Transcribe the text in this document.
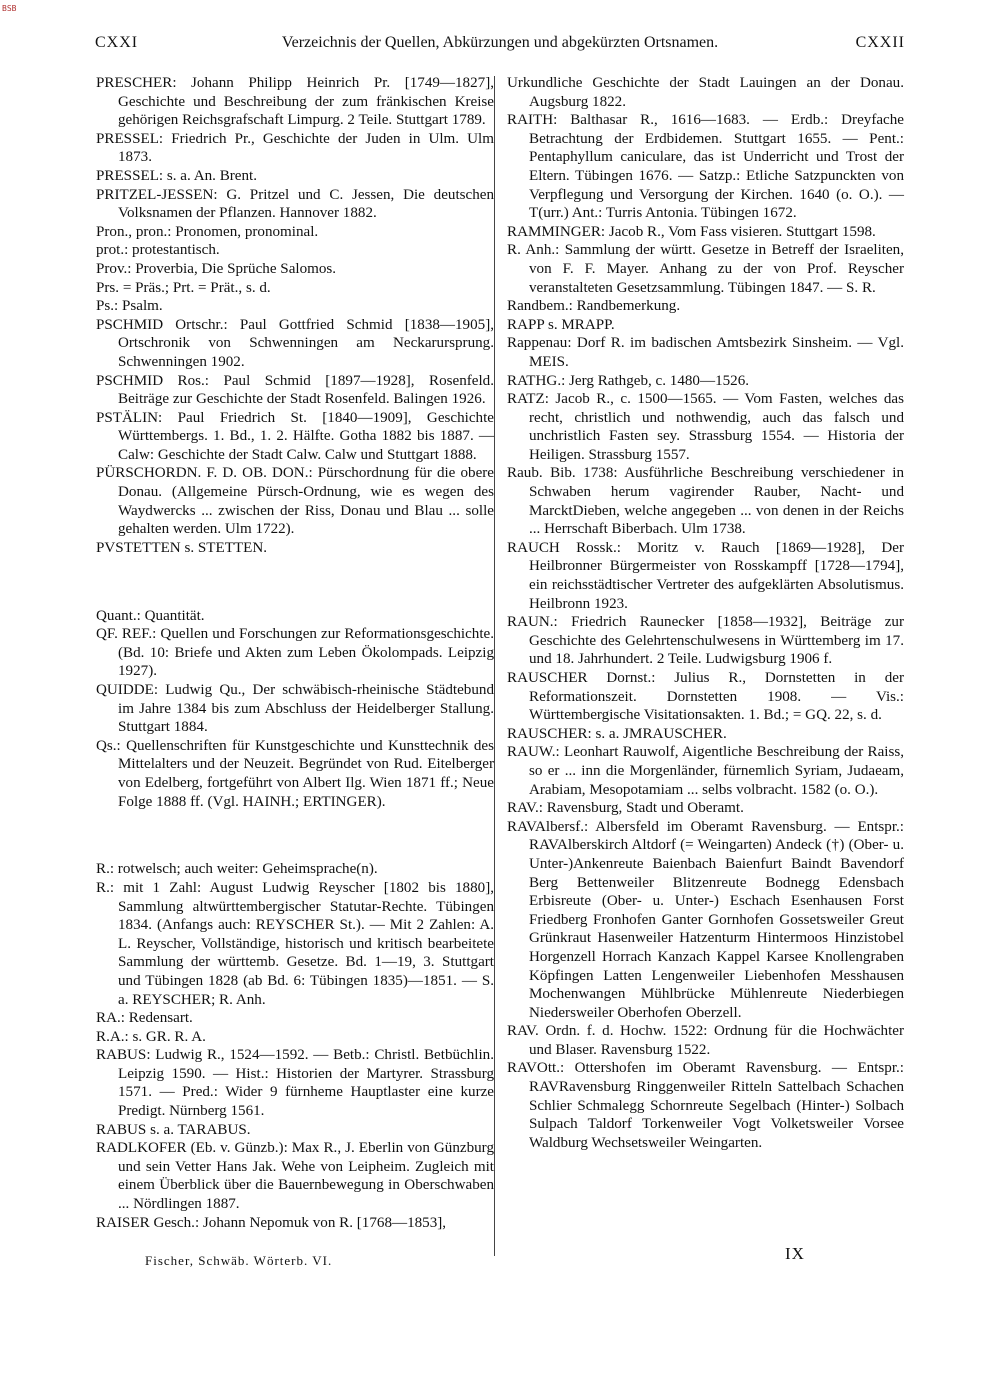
BSB
CXXI	Verzeichnis der Quellen, Abkürzungen und abgekürzten Ortsnamen.	CXXII

PRESCHER: Johann Philipp Heinrich Pr. [1749—1827], Geschichte und Beschreibung der zum fränkischen Kreise gehörigen Reichsgrafschaft Limpurg. 2 Teile. Stuttgart 1789.

PRESSEL: Friedrich Pr., Geschichte der Juden in Ulm. Ulm 1873.

PRESSEL: s. a. An. Brent.

PRITZEL-JESSEN: G. Pritzel und C. Jessen, Die deutschen Volksnamen der Pflanzen. Hannover 1882.

Pron., pron.: Pronomen, pronominal.

prot.: protestantisch.

Prov.: Proverbia, Die Sprüche Salomos.

Prs. = Präs.; Prt. = Prät., s. d.

Ps.: Psalm.

PSCHMID Ortschr.: Paul Gottfried Schmid [1838—1905], Ortschronik von Schwenningen am Neckarursprung. Schwenningen 1902.

PSCHMID Ros.: Paul Schmid [1897—1928], Rosenfeld. Beiträge zur Geschichte der Stadt Rosenfeld. Balingen 1926.

PSTÄLIN: Paul Friedrich St. [1840—1909], Geschichte Württembergs. 1. Bd., 1. 2. Hälfte. Gotha 1882 bis 1887. — Calw: Geschichte der Stadt Calw. Calw und Stuttgart 1888.

PÜRSCHORDN. F. D. OB. DON.: Pürschordnung für die obere Donau. (Allgemeine Pürsch-Ordnung, wie es wegen des Waydwercks ... zwischen der Riss, Donau und Blau ... solle gehalten werden. Ulm 1722).

PVSTETTEN s. STETTEN.

Quant.: Quantität.

QF. REF.: Quellen und Forschungen zur Reformationsgeschichte. (Bd. 10: Briefe und Akten zum Leben Ökolompads. Leipzig 1927).

QUIDDE: Ludwig Qu., Der schwäbisch-rheinische Städtebund im Jahre 1384 bis zum Abschluss der Heidelberger Stallung. Stuttgart 1884.

Qs.: Quellenschriften für Kunstgeschichte und Kunsttechnik des Mittelalters und der Neuzeit. Begründet von Rud. Eitelberger von Edelberg, fortgeführt von Albert Ilg. Wien 1871 ff.; Neue Folge 1888 ff. (Vgl. HAINH.; ERTINGER).

R.: rotwelsch; auch weiter: Geheimsprache(n).

R.: mit 1 Zahl: August Ludwig Reyscher [1802 bis 1880], Sammlung altwürttembergischer Statutar-Rechte. Tübingen 1834. (Anfangs auch: REYSCHER St.). — Mit 2 Zahlen: A. L. Reyscher, Vollständige, historisch und kritisch bearbeitete Sammlung der württemb. Gesetze. Bd. 1—19, 3. Stuttgart und Tübingen 1828 (ab Bd. 6: Tübingen 1835)—1851. — S. a. REYSCHER; R. Anh.

RA.: Redensart.

R.A.: s. GR. R. A.

RABUS: Ludwig R., 1524—1592. — Betb.: Christl. Betbüchlin. Leipzig 1590. — Hist.: Historien der Martyrer. Strassburg 1571. — Pred.: Wider 9 fürnheme Hauptlaster eine kurze Predigt. Nürnberg 1561.

RABUS s. a. TARABUS.

RADLKOFER (Eb. v. Günzb.): Max R., J. Eberlin von Günzburg und sein Vetter Hans Jak. Wehe von Leipheim. Zugleich mit einem Überblick über die Bauernbewegung in Oberschwaben ... Nördlingen 1887.

RAISER Gesch.: Johann Nepomuk von R. [1768—1853],

Urkundliche Geschichte der Stadt Lauingen an der Donau. Augsburg 1822.

RAITH: Balthasar R., 1616—1683. — Erdb.: Dreyfache Betrachtung der Erdbidemen. Stuttgart 1655. — Pent.: Pentaphyllum caniculare, das ist Underricht und Trost der Eltern. Tübingen 1676. — Satzp.: Etliche Satzpunckten von Verpflegung und Versorgung der Kirchen. 1640 (o. O.). — T(urr.) Ant.: Turris Antonia. Tübingen 1672.

RAMMINGER: Jacob R., Vom Fass visieren. Stuttgart 1598.

R. Anh.: Sammlung der württ. Gesetze in Betreff der Israeliten, von F. F. Mayer. Anhang zu der von Prof. Reyscher veranstalteten Gesetzsammlung. Tübingen 1847. — S. R.

Randbem.: Randbemerkung.

RAPP s. MRAPP.

Rappenau: Dorf R. im badischen Amtsbezirk Sinsheim. — Vgl. MEIS.

RATHG.: Jerg Rathgeb, c. 1480—1526.

RATZ: Jacob R., c. 1500—1565. — Vom Fasten, welches das recht, christlich und nothwendig, auch das falsch und unchristlich Fasten sey. Strassburg 1554. — Historia der Heiligen. Strassburg 1557.

Raub. Bib. 1738: Ausführliche Beschreibung verschiedener in Schwaben herum vagirender Rauber, Nacht- und MarcktDieben, welche angegeben ... von denen in der Reichs ... Herrschaft Biberbach. Ulm 1738.

RAUCH Rossk.: Moritz v. Rauch [1869—1928], Der Heilbronner Bürgermeister von Rosskampff [1728—1794], ein reichsstädtischer Vertreter des aufgeklärten Absolutismus. Heilbronn 1923.

RAUN.: Friedrich Raunecker [1858—1932], Beiträge zur Geschichte des Gelehrtenschulwesens in Württemberg im 17. und 18. Jahrhundert. 2 Teile. Ludwigsburg 1906 f.

RAUSCHER Dornst.: Julius R., Dornstetten in der Reformationszeit. Dornstetten 1908. — Vis.: Württembergische Visitationsakten. 1. Bd.; = GQ. 22, s. d.

RAUSCHER: s. a. JMRAUSCHER.

RAUW.: Leonhart Rauwolf, Aigentliche Beschreibung der Raiss, so er ... inn die Morgenländer, fürnemlich Syriam, Judaeam, Arabiam, Mesopotamiam ... selbs volbracht. 1582 (o. O.).

RAV.: Ravensburg, Stadt und Oberamt.

RAVAlbersf.: Albersfeld im Oberamt Ravensburg. — Entspr.: RAVAlberskirch Altdorf (= Weingarten) Andeck (†) (Ober- u. Unter-)Ankenreute Baienbach Baienfurt Baindt Bavendorf Berg Bettenweiler Blitzenreute Bodnegg Edensbach Erbisreute (Ober- u. Unter-) Eschach Esenhausen Forst Friedberg Fronhofen Ganter Gornhofen Gossetsweiler Greut Grünkraut Hasenweiler Hatzenturm Hintermoos Hinzistobel Horgenzell Horrach Kanzach Kappel Karsee Knollengraben Köpfingen Latten Lengenweiler Liebenhofen Messhausen Mochenwangen Mühlbrücke Mühlenreute Niederbiegen Niedersweiler Oberhofen Oberzell.

RAV. Ordn. f. d. Hochw. 1522: Ordnung für die Hochwächter und Blaser. Ravensburg 1522.

RAVOtt.: Ottershofen im Oberamt Ravensburg. — Entspr.: RAVRavensburg Ringgenweiler Ritteln Sattelbach Schachen Schlier Schmalegg Schornreute Segelbach (Hinter-) Solbach Sulpach Taldorf Torkenweiler Vogt Volketsweiler Vorsee Waldburg Wechsetsweiler Weingarten.

Fischer, Schwäb. Wörterb. VI.	IX
